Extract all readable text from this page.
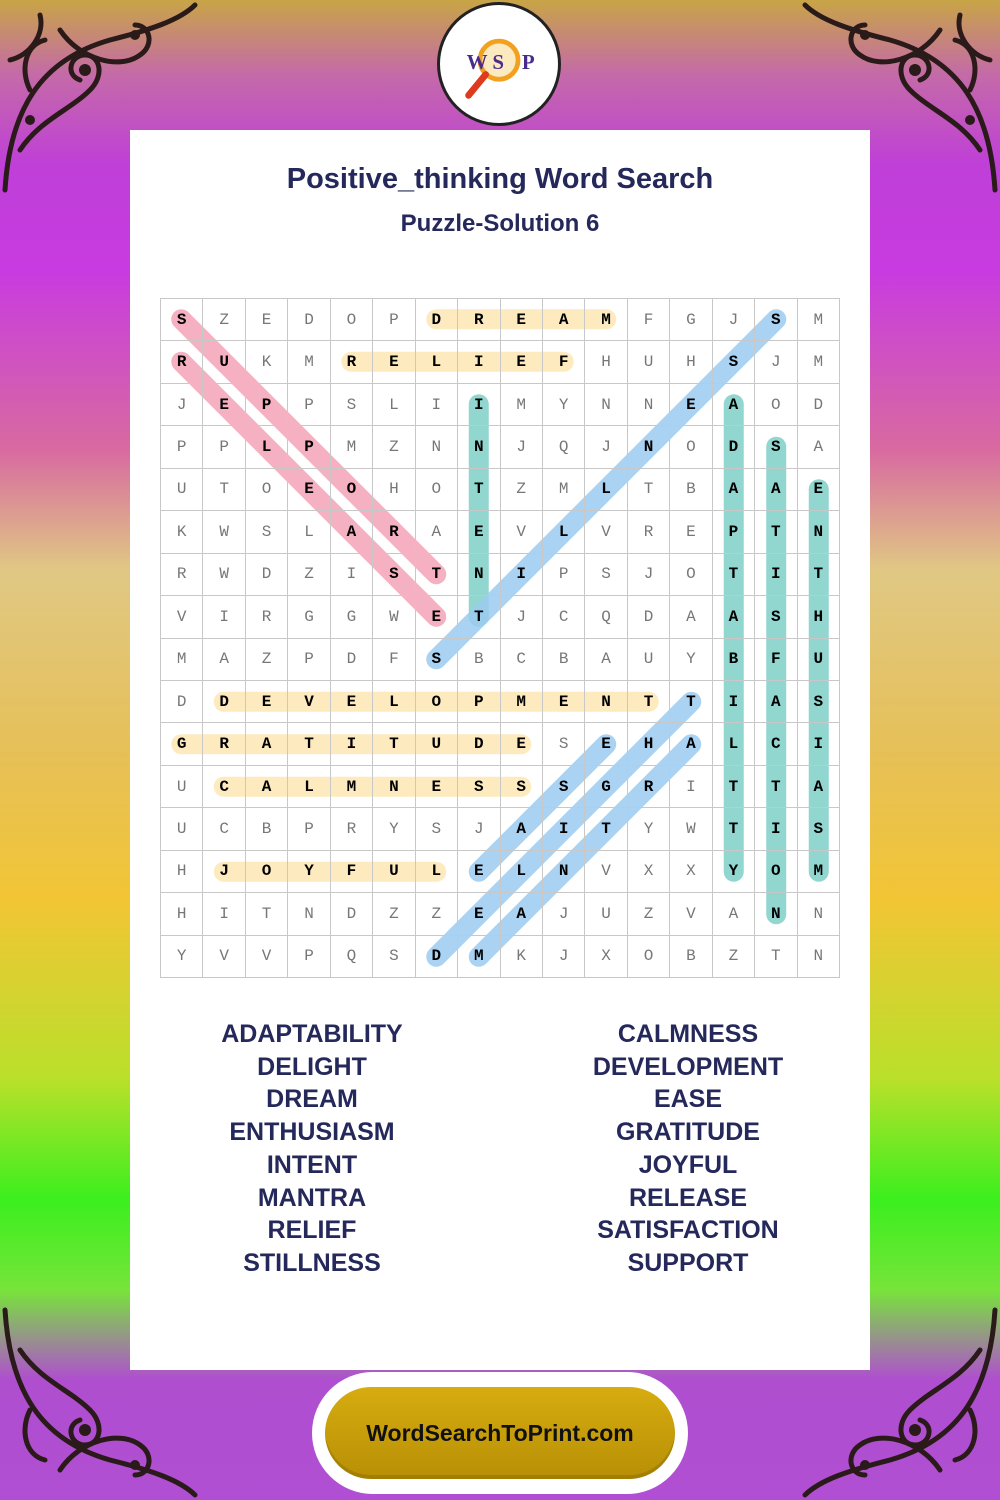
W S P
Positive_thinking Word Search
Puzzle-Solution 6
S	Z	E	D	O	P	D	R	E	A	M	F	G	J	S	M
R	U	K	M	R	E	L	I	E	F	H	U	H	S	J	M
J	E	P	P	S	L	I	I	M	Y	N	N	E	A	O	D
P	P	L	P	M	Z	N	N	J	Q	J	N	O	D	S	A
U	T	O	E	O	H	O	T	Z	M	L	T	B	A	A	E
K	W	S	L	A	R	A	E	V	L	V	R	E	P	T	N
R	W	D	Z	I	S	T	N	I	P	S	J	O	T	I	T
V	I	R	G	G	W	E	T	J	C	Q	D	A	A	S	H
M	A	Z	P	D	F	S	B	C	B	A	U	Y	B	F	U
D	D	E	V	E	L	O	P	M	E	N	T	T	I	A	S
G	R	A	T	I	T	U	D	E	S	E	H	A	L	C	I
U	C	A	L	M	N	E	S	S	S	G	R	I	T	T	A
U	C	B	P	R	Y	S	J	A	I	T	Y	W	T	I	S
H	J	O	Y	F	U	L	E	L	N	V	X	X	Y	O	M
H	I	T	N	D	Z	Z	E	A	J	U	Z	V	A	N	N
Y	V	V	P	Q	S	D	M	K	J	X	O	B	Z	T	N
ADAPTABILITY
DELIGHT
DREAM
ENTHUSIASM
INTENT
MANTRA
RELIEF
STILLNESS
CALMNESS
DEVELOPMENT
EASE
GRATITUDE
JOYFUL
RELEASE
SATISFACTION
SUPPORT
WordSearchToPrint.com
